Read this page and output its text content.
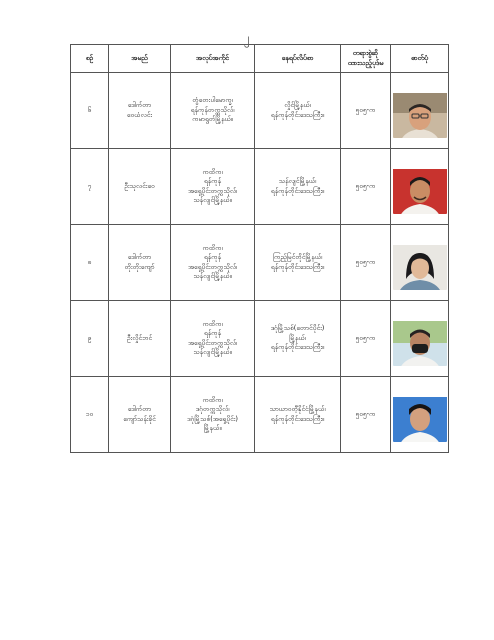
၂
စဉ်	အမည်	အလုပ်အကိုင်	နေရပ်လိပ်စာ	တရားစွဲဆို
ထားသည့်ပုဒ်မ	ဓာတ်ပုံ
၆	ဒေါက်တာ
ဝေယံလင်း	တွံတေးပါမောက္ခ၊
ရန်ကုန်တက္ကသိုလ်၊
ကမာရွတ်မြို့နယ်။	လှိုင်မြို့နယ်၊
ရန်ကုန်တိုင်းဒေသကြီး။	၅၀၅-က	

၇	ဦးသုလင်းဝေ	ကထိက၊
ရန်ကုန်
အရှေ့ပိုင်းတက္ကသိုလ်၊
သန်လျင်မြို့နယ်။	သန်လျင်မြို့နယ်၊
ရန်ကုန်တိုင်းဒေသကြီး။	၅၀၅-က	

၈	ဒေါက်တာ
တိုးတိုးကျော်	ကထိက၊
ရန်ကုန်
အရှေ့ပိုင်းတက္ကသိုလ်၊
သန်လျင်မြို့နယ်။	ကြည့်မြင်တိုင်မြို့နယ်၊
ရန်ကုန်တိုင်းဒေသကြီး။	၅၀၅-က	

၉	ဦးလှိုင်ဘင်	ကထိက၊
ရန်ကုန်
အရှေ့ပိုင်းတက္ကသိုလ်၊
သန်လျင်မြို့နယ်။	ဒဂုံမြို့သစ်(တောင်ပိုင်း)
မြို့နယ်၊
ရန်ကုန်တိုင်းဒေသကြီး။	၅၀၅-က	

၁၀	ဒေါက်တာ
ကျော်သန်းခိုင်	ကထိက၊
ဒဂုံတက္ကသိုလ်၊
ဒဂုံမြို့သစ်(အရှေ့ပိုင်း)
မြို့နယ်။	သာယာဝတီ့နိုင်ငံမြို့နယ်၊
ရန်ကုန်တိုင်းဒေသကြီး။	၅၀၅-က	
